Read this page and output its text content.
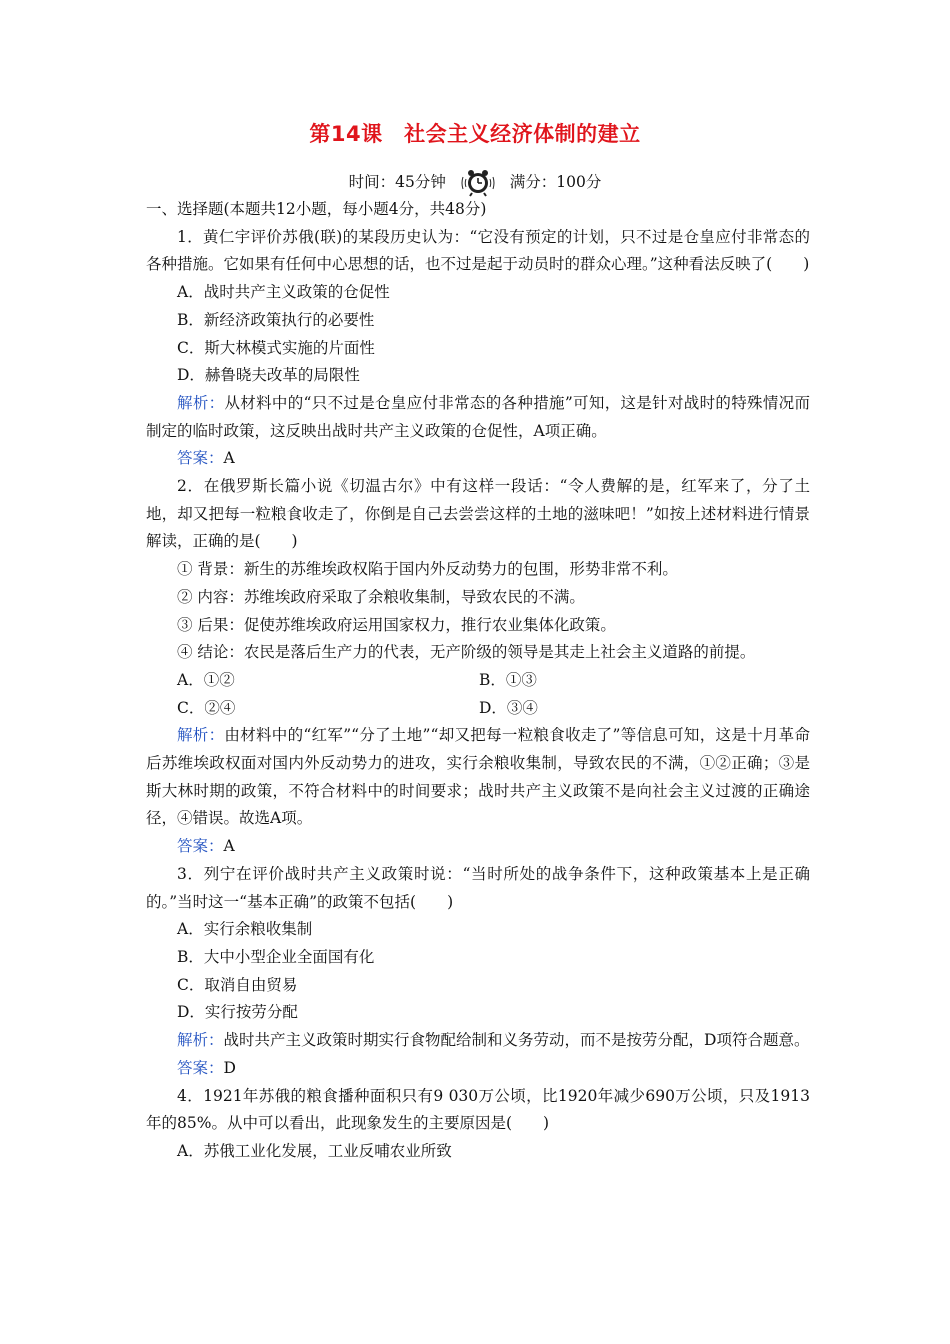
第14课　社会主义经济体制的建立
时间：45分钟	满分：100分

一、选择题(本题共12小题，每小题4分，共48分)

1．黄仁宇评价苏俄(联)的某段历史认为：“它没有预定的计划，只不过是仓皇应付非常态的各种措施。它如果有任何中心思想的话，也不过是起于动员时的群众心理。”这种看法反映了(　　)

A．战时共产主义政策的仓促性

B．新经济政策执行的必要性

C．斯大林模式实施的片面性

D．赫鲁晓夫改革的局限性

解析：从材料中的“只不过是仓皇应付非常态的各种措施”可知，这是针对战时的特殊情况而制定的临时政策，这反映出战时共产主义政策的仓促性，A项正确。

答案：A

2．在俄罗斯长篇小说《切温古尔》中有这样一段话：“令人费解的是，红军来了，分了土地，却又把每一粒粮食收走了，你倒是自己去尝尝这样的土地的滋味吧！”如按上述材料进行情景解读，正确的是(　　)

① 背景：新生的苏维埃政权陷于国内外反动势力的包围，形势非常不利。

② 内容：苏维埃政府采取了余粮收集制，导致农民的不满。

③ 后果：促使苏维埃政府运用国家权力，推行农业集体化政策。

④ 结论：农民是落后生产力的代表，无产阶级的领导是其走上社会主义道路的前提。

A．①②	B．①③
C．②④	D．③④

解析：由材料中的“红军”“分了土地”“却又把每一粒粮食收走了”等信息可知，这是十月革命后苏维埃政权面对国内外反动势力的进攻，实行余粮收集制，导致农民的不满，①②正确；③是斯大林时期的政策，不符合材料中的时间要求；战时共产主义政策不是向社会主义过渡的正确途径，④错误。故选A项。

答案：A

3．列宁在评价战时共产主义政策时说：“当时所处的战争条件下，这种政策基本上是正确的。”当时这一“基本正确”的政策不包括(　　)

A．实行余粮收集制

B．大中小型企业全面国有化

C．取消自由贸易

D．实行按劳分配

解析：战时共产主义政策时期实行食物配给制和义务劳动，而不是按劳分配，D项符合题意。

答案：D

4．1921年苏俄的粮食播种面积只有9 030万公顷，比1920年减少690万公顷，只及1913年的85%。从中可以看出，此现象发生的主要原因是(　　)

A．苏俄工业化发展，工业反哺农业所致
